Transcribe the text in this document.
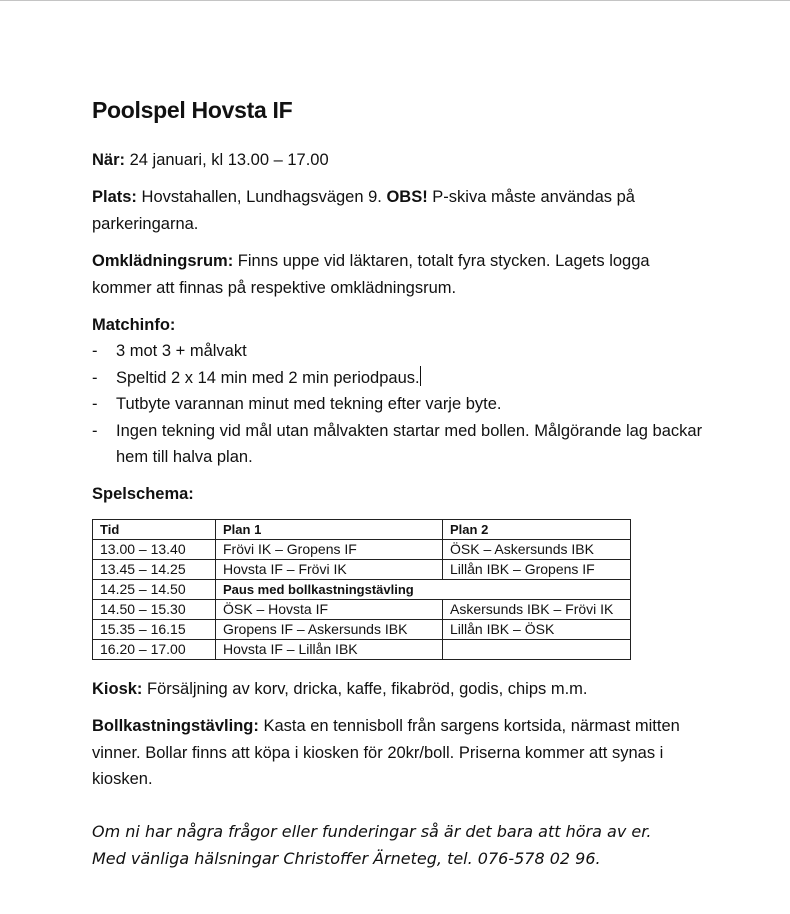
Poolspel Hovsta IF
När: 24 januari, kl 13.00 – 17.00
Plats: Hovstahallen, Lundhagsvägen 9. OBS! P-skiva måste användas på parkeringarna.
Omklädningsrum: Finns uppe vid läktaren, totalt fyra stycken. Lagets logga kommer att finnas på respektive omklädningsrum.
Matchinfo:
-	3 mot 3 + målvakt
-	Speltid 2 x 14 min med 2 min periodpaus.
-	Tutbyte varannan minut med tekning efter varje byte.
-	Ingen tekning vid mål utan målvakten startar med bollen. Målgörande lag backar hem till halva plan.
Spelschema:
Tid	Plan 1	Plan 2
13.00 – 13.40	Frövi IK – Gropens IF	ÖSK – Askersunds IBK
13.45 – 14.25	Hovsta IF – Frövi IK	Lillån IBK – Gropens IF
14.25 – 14.50	Paus med bollkastningstävling	
14.50 – 15.30	ÖSK – Hovsta IF	Askersunds IBK – Frövi IK
15.35 – 16.15	Gropens IF – Askersunds IBK	Lillån IBK – ÖSK
16.20 – 17.00	Hovsta IF – Lillån IBK	
Kiosk: Försäljning av korv, dricka, kaffe, fikabröd, godis, chips m.m.
Bollkastningstävling: Kasta en tennisboll från sargens kortsida, närmast mitten vinner. Bollar finns att köpa i kiosken för 20kr/boll. Priserna kommer att synas i kiosken.
Om ni har några frågor eller funderingar så är det bara att höra av er.
Med vänliga hälsningar Christoffer Ärneteg, tel. 076-578 02 96.
